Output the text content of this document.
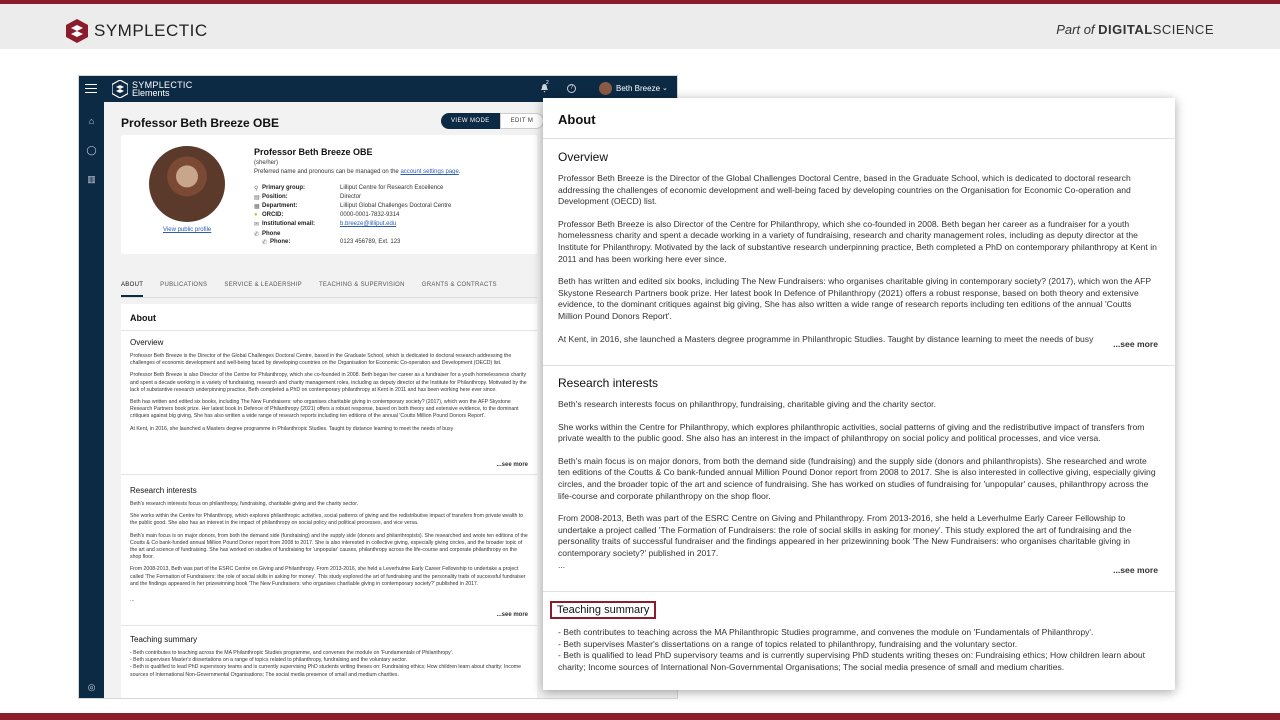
SYMPLECTIC	Part of DIGITALSCIENCE
SYMPLECTIC
Elements
2
?	Beth Breeze ⌄
⌂
◯
▥
◎
Professor Beth Breeze OBE	VIEW MODE	EDIT M
View public profile
Professor Beth Breeze OBE
(she/her)
Preferred name and pronouns can be managed on the account settings page.
⚲ Primary group:	Lilliput Centre for Research Excellence
▤ Position:	Director
▦ Department:	Lilliput Global Challenges Doctoral Centre
● ORCID:	0000-0001-7832-9314
✉ Institutional email:	b.breeze@lilliput.edu
✆ Phone
✆ Phone:	0123 456789, Ext. 123
ABOUT	PUBLICATIONS	SERVICE & LEADERSHIP	TEACHING & SUPERVISION	GRANTS & CONTRACTS
About
Overview

Professor Beth Breeze is the Director of the Global Challenges Doctoral Centre, based in the Graduate School, which is dedicated to doctoral research addressing the challenges of economic development and well-being faced by developing countries on the Organisation for Economic Co-operation and Development (OECD) list.

Professor Beth Breeze is also Director of the Centre for Philanthropy, which she co-founded in 2008. Beth began her career as a fundraiser for a youth homelessness charity and spent a decade working in a variety of fundraising, research and charity management roles, including as deputy director at the Institute for Philanthropy. Motivated by the lack of substantive research underpinning practice, Beth completed a PhD on contemporary philanthropy at Kent in 2011 and has been working here ever since.

Beth has written and edited six books, including The New Fundraisers: who organises charitable giving in contemporary society? (2017), which won the AFP Skystone Research Partners book prize. Her latest book In Defence of Philanthropy (2021) offers a robust response, based on both theory and extensive evidence, to the dominant critiques against big giving, She has also written a wide range of research reports including ten editions of the annual 'Coutts Million Pound Donors Report'.

At Kent, in 2016, she launched a Masters degree programme in Philanthropic Studies. Taught by distance learning to meet the needs of busy

...see more
Research interests

Beth's research interests focus on philanthropy, fundraising, charitable giving and the charity sector.

She works within the Centre for Philanthropy, which explores philanthropic activities, social patterns of giving and the redistributive impact of transfers from private wealth to the public good. She also has an interest in the impact of philanthropy on social policy and political processes, and vice versa.

Beth's main focus is on major donors, from both the demand side (fundraising) and the supply side (donors and philanthropists). She researched and wrote ten editions of the Coutts & Co bank-funded annual Million Pound Donor report from 2008 to 2017. She is also interested in collective giving, especially giving circles, and the broader topic of the art and science of fundraising. She has worked on studies of fundraising for 'unpopular' causes, philanthropy across the life-course and corporate philanthropy on the shop floor.

From 2008-2013, Beth was part of the ESRC Centre on Giving and Philanthropy. From 2013-2016, she held a Leverhulme Early Career Fellowship to undertake a project called 'The Formation of Fundraisers: the role of social skills in asking for money'. This study explored the art of fundraising and the personality traits of successful fundraiser and the findings appeared in her prizewinning book 'The New Fundraisers: who organises charitable giving in contemporary society?' published in 2017.

...
...see more
Teaching summary
- Beth contributes to teaching across the MA Philanthropic Studies programme, and convenes the module on 'Fundamentals of Philanthropy'.
- Beth supervises Master's dissertations on a range of topics related to philanthropy, fundraising and the voluntary sector.
- Beth is qualified to lead PhD supervisory teams and is currently supervising PhD students writing theses on: Fundraising ethics; How children learn about charity; Income sources of International Non-Governmental Organisations; The social media presence of small and medium charities.
About
Overview

Professor Beth Breeze is the Director of the Global Challenges Doctoral Centre, based in the Graduate School, which is dedicated to doctoral research addressing the challenges of economic development and well-being faced by developing countries on the Organisation for Economic Co-operation and Development (OECD) list.

Professor Beth Breeze is also Director of the Centre for Philanthropy, which she co-founded in 2008. Beth began her career as a fundraiser for a youth homelessness charity and spent a decade working in a variety of fundraising, research and charity management roles, including as deputy director at the Institute for Philanthropy. Motivated by the lack of substantive research underpinning practice, Beth completed a PhD on contemporary philanthropy at Kent in 2011 and has been working here ever since.

Beth has written and edited six books, including The New Fundraisers: who organises charitable giving in contemporary society? (2017), which won the AFP Skystone Research Partners book prize. Her latest book In Defence of Philanthropy (2021) offers a robust response, based on both theory and extensive evidence, to the dominant critiques against big giving, She has also written a wide range of research reports including ten editions of the annual 'Coutts Million Pound Donors Report'.

At Kent, in 2016, she launched a Masters degree programme in Philanthropic Studies. Taught by distance learning to meet the needs of busy

...see more
Research interests

Beth's research interests focus on philanthropy, fundraising, charitable giving and the charity sector.

She works within the Centre for Philanthropy, which explores philanthropic activities, social patterns of giving and the redistributive impact of transfers from private wealth to the public good. She also has an interest in the impact of philanthropy on social policy and political processes, and vice versa.

Beth's main focus is on major donors, from both the demand side (fundraising) and the supply side (donors and philanthropists). She researched and wrote ten editions of the Coutts & Co bank-funded annual Million Pound Donor report from 2008 to 2017. She is also interested in collective giving, especially giving circles, and the broader topic of the art and science of fundraising. She has worked on studies of fundraising for 'unpopular' causes, philanthropy across the life-course and corporate philanthropy on the shop floor.

From 2008-2013, Beth was part of the ESRC Centre on Giving and Philanthropy. From 2013-2016, she held a Leverhulme Early Career Fellowship to undertake a project called 'The Formation of Fundraisers: the role of social skills in asking for money'. This study explored the art of fundraising and the personality traits of successful fundraiser and the findings appeared in her prizewinning book 'The New Fundraisers: who organises charitable giving in contemporary society?' published in 2017.

...
...see more
Teaching summary
- Beth contributes to teaching across the MA Philanthropic Studies programme, and convenes the module on 'Fundamentals of Philanthropy'.
- Beth supervises Master's dissertations on a range of topics related to philanthropy, fundraising and the voluntary sector.
- Beth is qualified to lead PhD supervisory teams and is currently supervising PhD students writing theses on: Fundraising ethics; How children learn about charity; Income sources of International Non-Governmental Organisations; The social media presence of small and medium charities.
